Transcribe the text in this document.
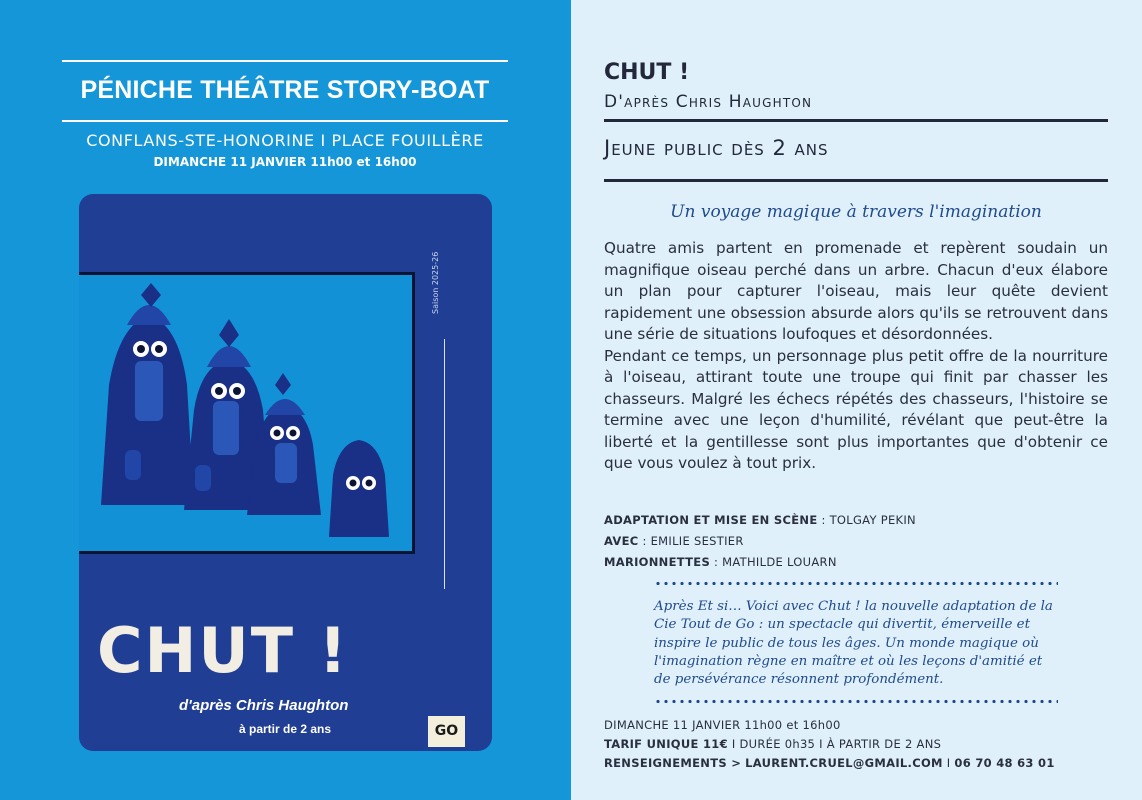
PÉNICHE THÉÂTRE STORY-BOAT
CONFLANS-STE-HONORINE I PLACE FOUILLÈRE
DIMANCHE 11 JANVIER 11h00 et 16h00
Saison 2025-26
CHUT !
d'après Chris Haughton
à partir de 2 ans	GO
CHUT !
D'après Chris Haughton
Jeune public dès 2 ans
Un voyage magique à travers l'imagination

Quatre amis partent en promenade et repèrent soudain un magnifique oiseau perché dans un arbre. Chacun d'eux élabore un plan pour capturer l'oiseau, mais leur quête devient rapidement une obsession absurde alors qu'ils se retrouvent dans une série de situations loufoques et désordonnées.

Pendant ce temps, un personnage plus petit offre de la nourriture à l'oiseau, attirant toute une troupe qui finit par chasser les chasseurs. Malgré les échecs répétés des chasseurs, l'histoire se termine avec une leçon d'humilité, révélant que peut-être la liberté et la gentillesse sont plus importantes que d'obtenir ce que vous voulez à tout prix.

ADAPTATION ET MISE EN SCÈNE : TOLGAY PEKIN
AVEC : EMILIE SESTIER
MARIONNETTES : MATHILDE LOUARN
Après Et si… Voici avec Chut ! la nouvelle adaptation de la Cie Tout de Go : un spectacle qui divertit, émerveille et inspire le public de tous les âges. Un monde magique où l'imagination règne en maître et où les leçons d'amitié et de persévérance résonnent profondément.
DIMANCHE 11 JANVIER 11h00 et 16h00
TARIF UNIQUE 11€ I DURÉE 0h35 I À PARTIR DE 2 ANS
RENSEIGNEMENTS > LAURENT.CRUEL@GMAIL.COM I 06 70 48 63 01
